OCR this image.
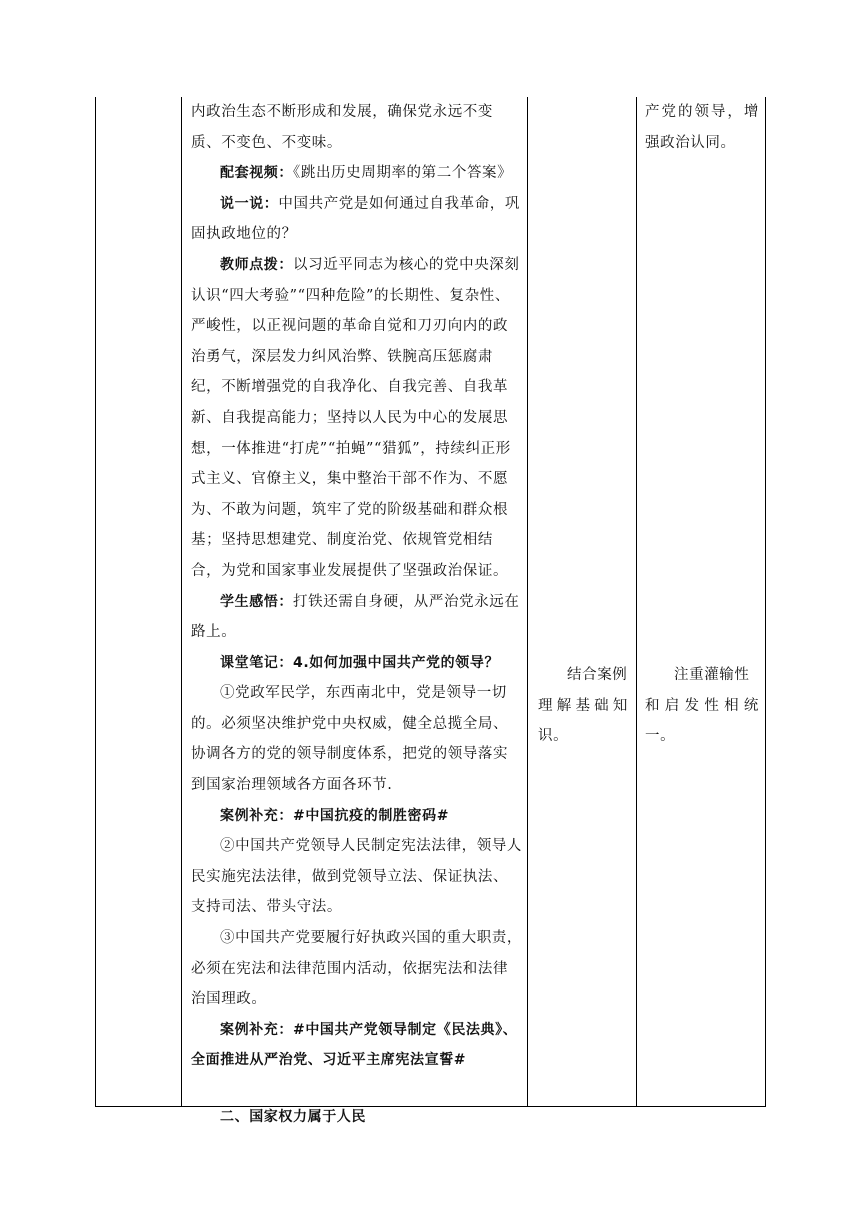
内政治生态不断形成和发展，确保党永远不变质、不变色、不变味。

配套视频：《跳出历史周期率的第二个答案》

说一说：中国共产党是如何通过自我革命，巩固执政地位的？

教师点拨：以习近平同志为核心的党中央深刻认识“四大考验”“四种危险”的长期性、复杂性、严峻性，以正视问题的革命自觉和刀刃向内的政治勇气，深层发力纠风治弊、铁腕高压惩腐肃纪，不断增强党的自我净化、自我完善、自我革新、自我提高能力；坚持以人民为中心的发展思想，一体推进“打虎”“拍蝇”“猎狐”，持续纠正形式主义、官僚主义，集中整治干部不作为、不愿为、不敢为问题，筑牢了党的阶级基础和群众根基；坚持思想建党、制度治党、依规管党相结合，为党和国家事业发展提供了坚强政治保证。

学生感悟：打铁还需自身硬，从严治党永远在路上。

课堂笔记：4.如何加强中国共产党的领导？

①党政军民学，东西南北中，党是领导一切的。必须坚决维护党中央权威，健全总揽全局、协调各方的党的领导制度体系，把党的领导落实到国家治理领域各方面各环节.

案例补充：#中国抗疫的制胜密码#

②中国共产党领导人民制定宪法法律，领导人民实施宪法法律，做到党领导立法、保证执法、支持司法、带头守法。

③中国共产党要履行好执政兴国的重大职责，必须在宪法和法律范围内活动，依据宪法和法律治国理政。

案例补充：#中国共产党领导制定《民法典》、全面推进从严治党、习近平主席宪法宣誓#

二、国家权力属于人民

结合案例
理解基础知
识。
产党的领导，增
强政治认同。
注重灌输性
和启发性相统
一。
